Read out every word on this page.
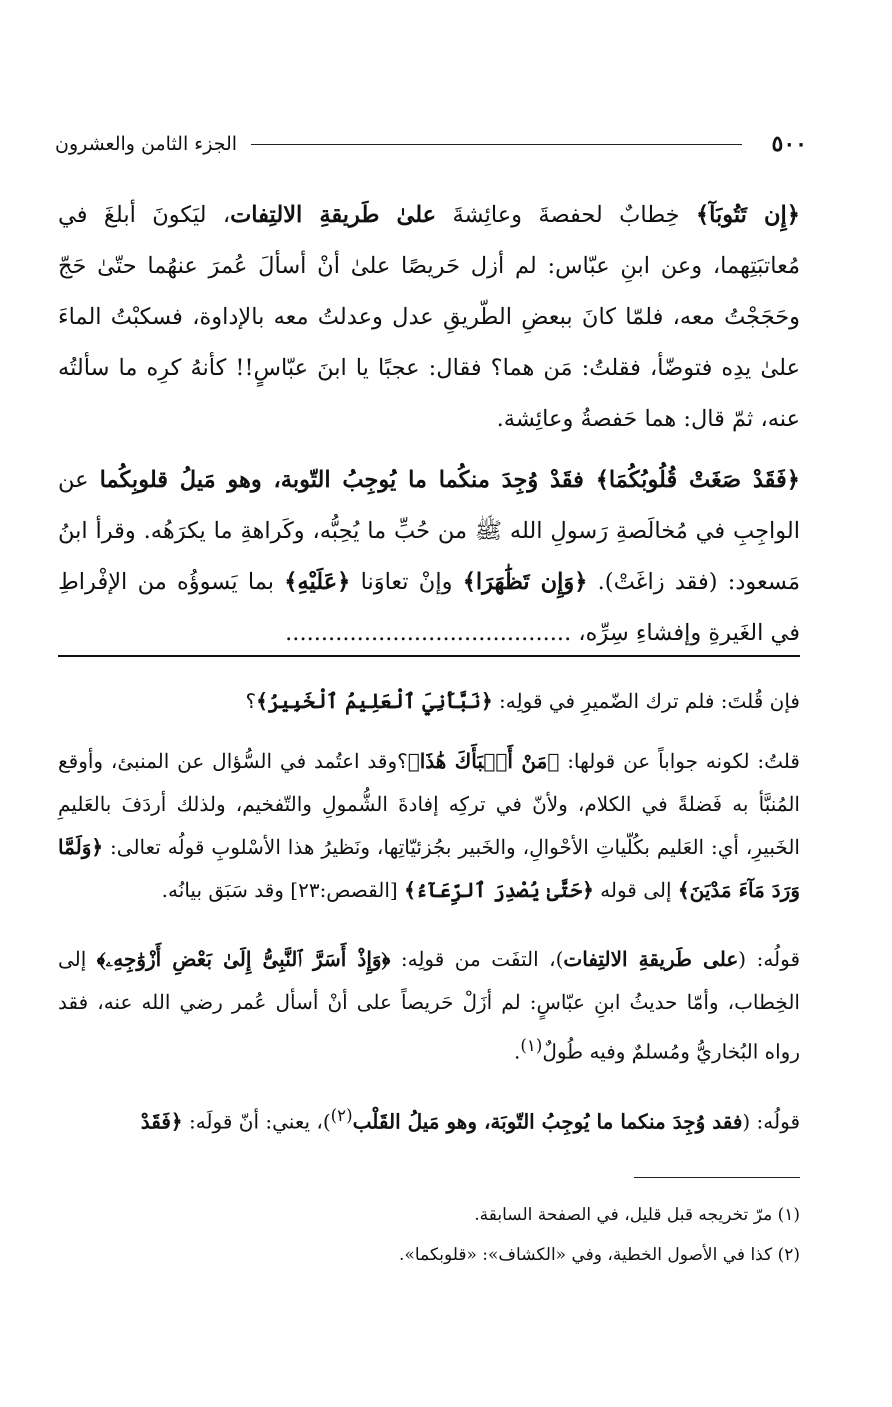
٥٠٠
الجزء الثامن والعشرون

﴿إِن تَتُوبَآ﴾ خِطابٌ لحفصةَ وعائِشةَ علىٰ طَريقةِ الالتِفات، ليَكونَ أبلغَ في مُعاتبَتِهما، وعن ابنِ عبّاس: لم أزل حَريصًا علىٰ أنْ أسألَ عُمرَ عنهُما حتّىٰ حَجّ وحَجَجْتُ معه، فلمّا كانَ ببعضِ الطّريقِ عدل وعدلتُ معه بالإداوة، فسكبْتُ الماءَ علىٰ يدِه فتوضّأ، فقلتُ: مَن هما؟ فقال: عجبًا يا ابنَ عبّاسٍ!! كأنهُ كرِه ما سألتُه عنه، ثمّ قال: هما حَفصةُ وعائِشة.

﴿فَقَدْ صَغَتْ قُلُوبُكُمَا﴾ فقَدْ وُجِدَ منكُما ما يُوجِبُ التّوبة، وهو مَيلُ قلوبِكُما عن الواجِبِ في مُخالَصةِ رَسولِ الله ﷺ من حُبِّ ما يُحِبُّه، وكَراهةِ ما يكرَهُه. وقرأ ابنُ مَسعود: (فقد زاغَتْ). ﴿وَإِن تَظَٰهَرَا﴾ وإنْ تعاوَنا ﴿عَلَيْهِ﴾ بما يَسوؤُه من الإفْراطِ في الغَيرةِ وإفشاءِ سِرِّه، ........................................

فإن قُلتَ: فلم ترك الضّميرِ في قولِه: ﴿نَبَّأَنِيَ ٱلْعَلِيمُ ٱلْخَبِيرُ﴾؟

قلتُ: لكونه جواباً عن قولها: ﴿مَنْ أَنۢبَأَكَ هَٰذَا﴾؟وقد اعتُمد في السُّؤال عن المنبئ، وأوقع المُنبَّأ به فَضلةً في الكلام، ولأنّ في تركِه إفادةَ الشُّمولِ والتّفخيم، ولذلك أردَفَ بالعَليمِ الخَبيرِ، أي: العَليم بكُلّياتِ الأحْوالِ، والخَبير بجُزئيّاتِها، ونَظيرُ هذا الأسْلوبِ قولُه تعالى: ﴿وَلَمَّا وَرَدَ مَآءَ مَدْيَنَ﴾ إلى قوله ﴿حَتَّىٰ يُصْدِرَ ٱلرِّعَآءُ﴾ [القصص:٢٣] وقد سَبَق بيانُه.

قولُه: (على طَريقةِ الالتِفات)، التفَت من قولِه: ﴿وَإِذْ أَسَرَّ ٱلنَّبِىُّ إِلَىٰ بَعْضِ أَزْوَٰجِهِۦ﴾ إلى الخِطاب، وأمّا حديثُ ابنِ عبّاسٍ: لم أزَلْ حَريصاً على أنْ أسأل عُمر رضي الله عنه، فقد رواه البُخاريُّ ومُسلمٌ وفيه طُولٌ$^{(١)}$.

قولُه: (فقد وُجِدَ منكما ما يُوجِبُ التّوبَة، وهو مَيلُ القَلْب$^{(٢)}$)، يعني: أنّ قولَه: ﴿فَقَدْ

(١) مرّ تخريجه قبل قليل، في الصفحة السابقة.

(٢) كذا في الأصول الخطية، وفي «الكشاف»: «قلوبكما».
